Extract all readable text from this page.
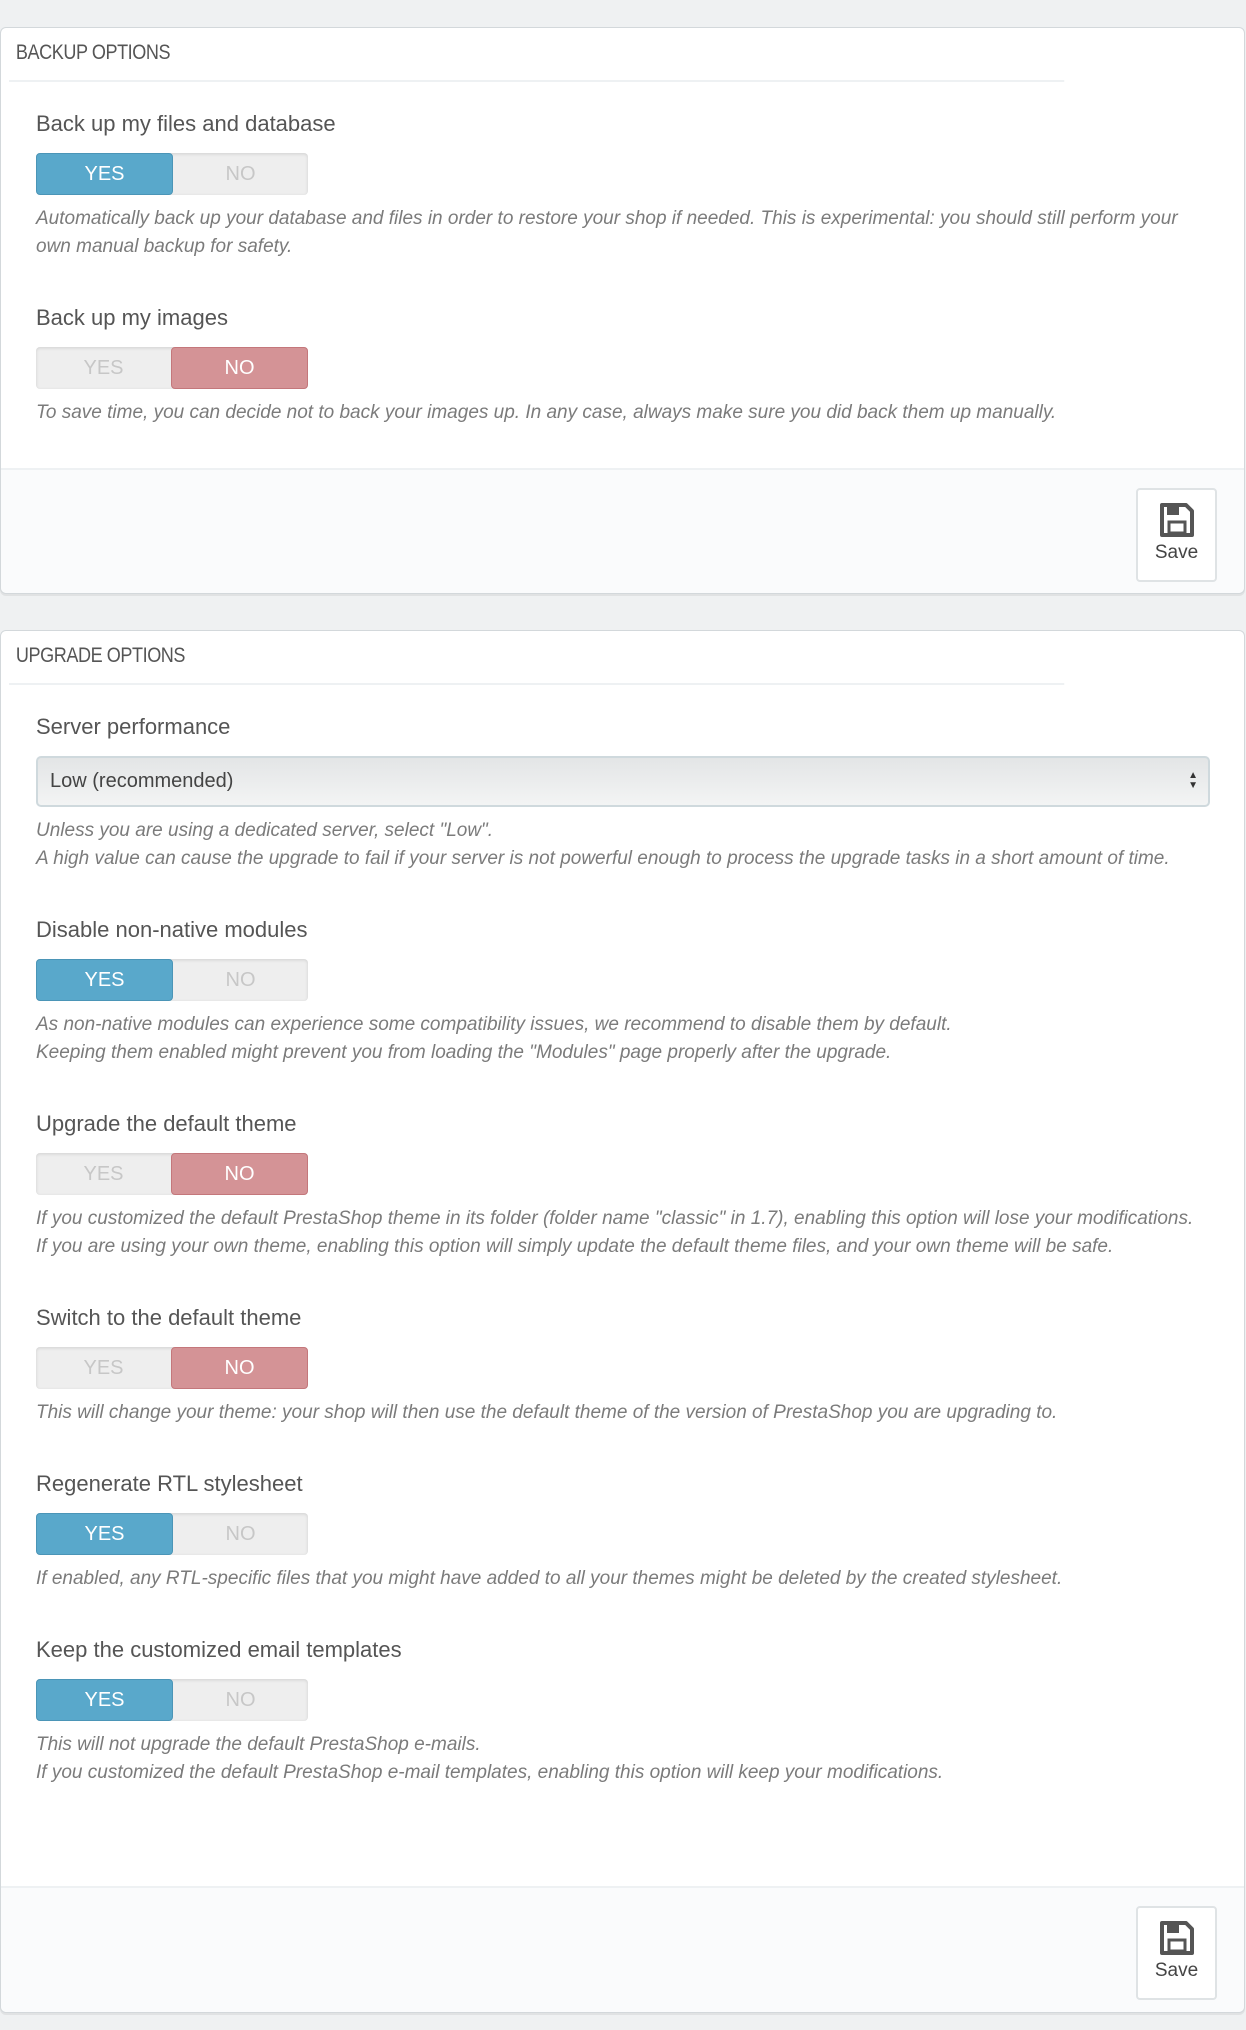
BACKUP OPTIONS
Back up my files and database
YES	NO
Automatically back up your database and files in order to restore your shop if needed. This is experimental: you should still perform your own manual backup for safety.
Back up my images
YES	NO
To save time, you can decide not to back your images up. In any case, always make sure you did back them up manually.
Save
UPGRADE OPTIONS
Server performance
Low (recommended)	▲
▼
Unless you are using a dedicated server, select "Low".
A high value can cause the upgrade to fail if your server is not powerful enough to process the upgrade tasks in a short amount of time.
Disable non-native modules
YES	NO
As non-native modules can experience some compatibility issues, we recommend to disable them by default.
Keeping them enabled might prevent you from loading the "Modules" page properly after the upgrade.
Upgrade the default theme
YES	NO
If you customized the default PrestaShop theme in its folder (folder name "classic" in 1.7), enabling this option will lose your modifications.
If you are using your own theme, enabling this option will simply update the default theme files, and your own theme will be safe.
Switch to the default theme
YES	NO
This will change your theme: your shop will then use the default theme of the version of PrestaShop you are upgrading to.
Regenerate RTL stylesheet
YES	NO
If enabled, any RTL-specific files that you might have added to all your themes might be deleted by the created stylesheet.
Keep the customized email templates
YES	NO
This will not upgrade the default PrestaShop e-mails.
If you customized the default PrestaShop e-mail templates, enabling this option will keep your modifications.
Save
